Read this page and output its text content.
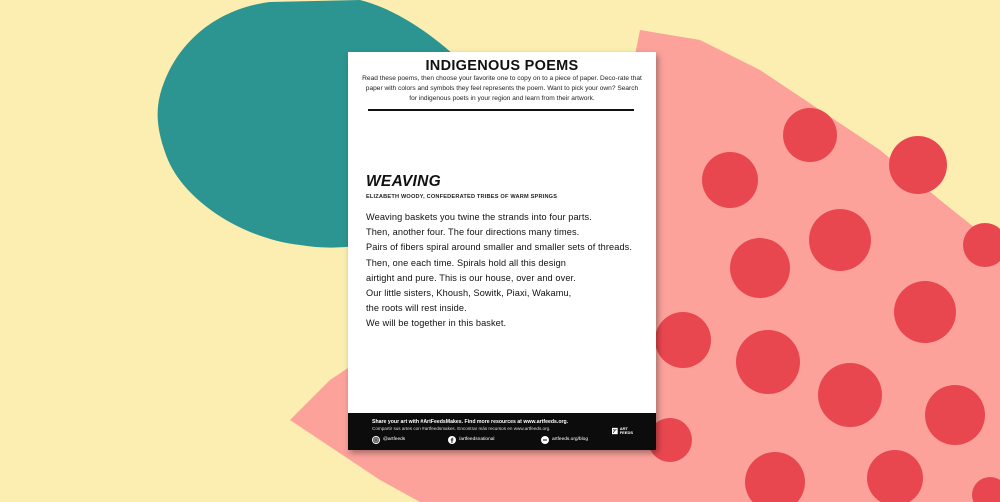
INDIGENOUS POEMS
Read these poems, then choose your favorite one to copy on to a piece of paper. Deco-rate that paper with colors and symbols they feel represents the poem. Want to pick your own? Search for indigenous poets in your region and learn from their artwork.
WEAVING
ELIZABETH WOODY, CONFEDERATED TRIBES OF WARM SPRINGS
Weaving baskets you twine the strands into four parts.
Then, another four. The four directions many times.
Pairs of fibers spiral around smaller and smaller sets of threads.
Then, one each time. Spirals hold all this design
airtight and pure. This is our house, over and over.
Our little sisters, Khoush, Sowitk, Piaxi, Wakamu,
the roots will rest inside.
We will be together in this basket.
Share your art with #ArtFeedsMakes. Find more resources at www.artfeeds.org.
Compartir sus artes con #artfeedsmakes. Encontrar más recursos en www.artfeeds.org.
@artfeeds	/artfeedsnational	artfeeds.org/blog
ART FEEDS
